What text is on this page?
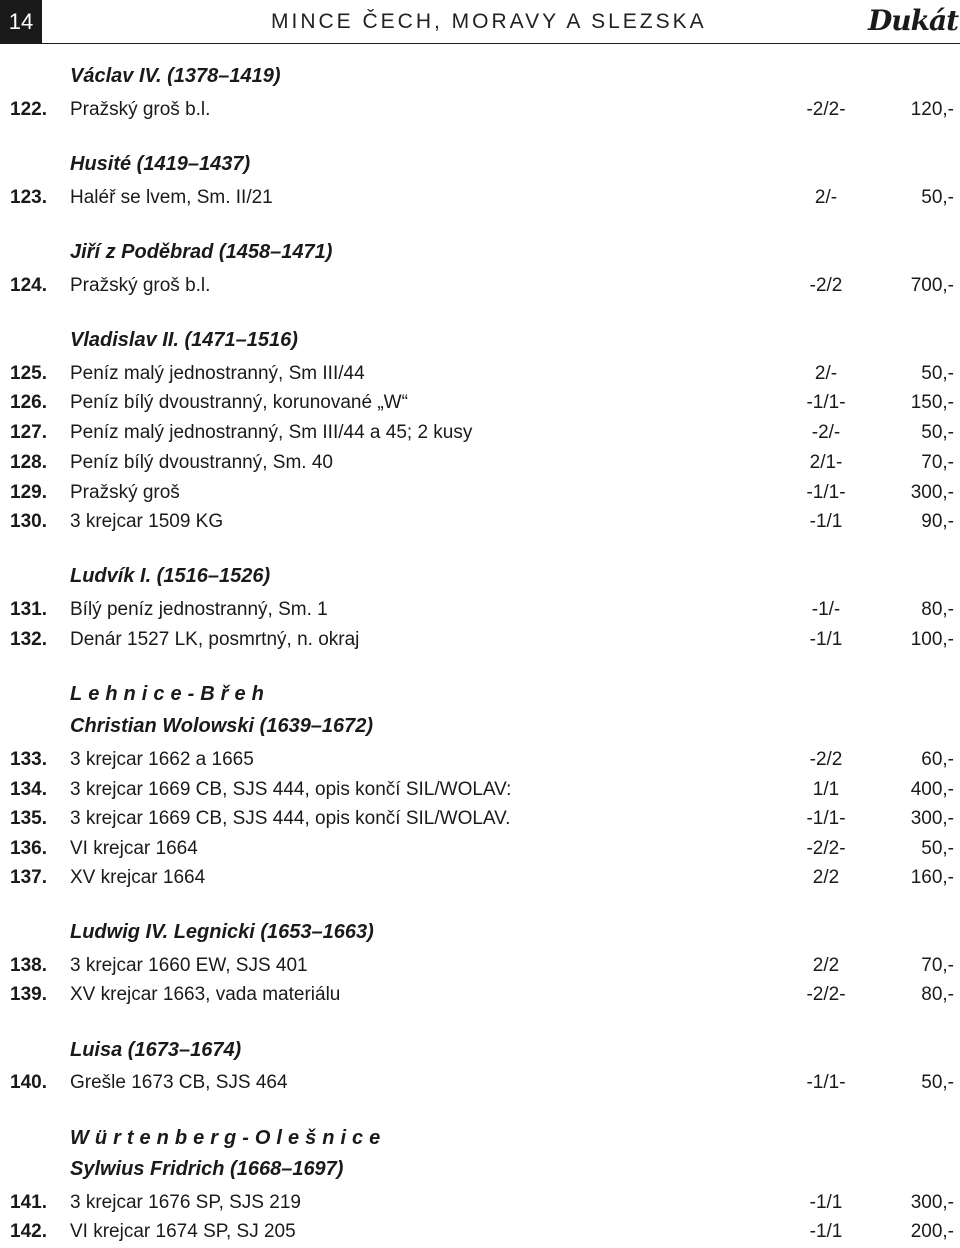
14	MINCE ČECH, MORAVY A SLEZSKA	Dukát
Václav IV. (1378–1419)
122. Pražský groš b.l.	-2/2-	120,-
Husité (1419–1437)
123. Haléř se lvem, Sm. II/21	2/-	50,-
Jiří z Poděbrad (1458–1471)
124. Pražský groš b.l.	-2/2	700,-
Vladislav II. (1471–1516)
125. Peníz malý jednostranný, Sm III/44	2/-	50,-
126. Peníz bílý dvoustranný, korunované „W“	-1/1-	150,-
127. Peníz malý jednostranný, Sm III/44 a 45; 2 kusy	-2/-	50,-
128. Peníz bílý dvoustranný, Sm. 40	2/1-	70,-
129. Pražský groš	-1/1-	300,-
130. 3 krejcar 1509 KG	-1/1	90,-
Ludvík I. (1516–1526)
131. Bílý peníz jednostranný, Sm. 1	-1/-	80,-
132. Denár 1527 LK, posmrtný, n. okraj	-1/1	100,-
Lehnice-Břeh
Christian Wolowski (1639–1672)
133. 3 krejcar 1662 a 1665	-2/2	60,-
134. 3 krejcar 1669 CB, SJS 444, opis končí SIL/WOLAV:	1/1	400,-
135. 3 krejcar 1669 CB, SJS 444, opis končí SIL/WOLAV.	-1/1-	300,-
136. VI krejcar 1664	-2/2-	50,-
137. XV krejcar 1664	2/2	160,-
Ludwig IV. Legnicki (1653–1663)
138. 3 krejcar 1660 EW, SJS 401	2/2	70,-
139. XV krejcar 1663, vada materiálu	-2/2-	80,-
Luisa (1673–1674)
140. Grešle 1673 CB, SJS 464	-1/1-	50,-
Würtenberg-Olešnice
Sylwius Fridrich (1668–1697)
141. 3 krejcar 1676 SP, SJS 219	-1/1	300,-
142. VI krejcar 1674 SP, SJ 205	-1/1	200,-
